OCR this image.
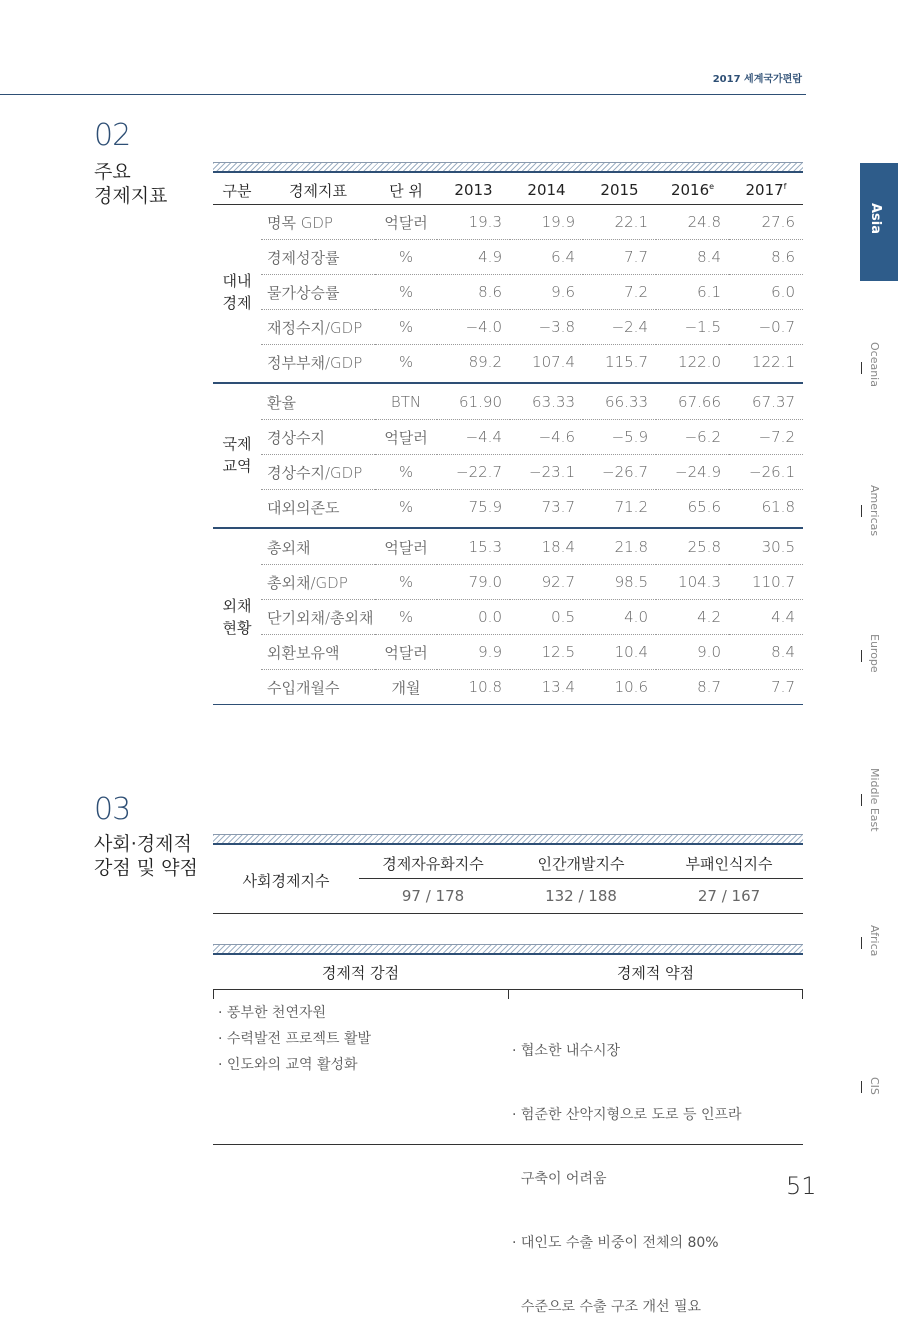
2017 세계국가편람
02
주요
경제지표	구분	경제지표	단 위	2013	2014	2015	2016e	2017$^f$

대내
경제	명목 GDP	억달러	19.3	19.9	22.1	24.8	27.6
	경제성장률	%	4.9	6.4	7.7	8.4	8.6
	물가상승률	%	8.6	9.6	7.2	6.1	6.0
	재정수지/GDP	%	−4.0	−3.8	−2.4	−1.5	−0.7
	정부부채/GDP	%	89.2	107.4	115.7	122.0	122.1

국제
교역	환율	BTN	61.90	63.33	66.33	67.66	67.37
	경상수지	억달러	−4.4	−4.6	−5.9	−6.2	−7.2
	경상수지/GDP	%	−22.7	−23.1	−26.7	−24.9	−26.1
	대외의존도	%	75.9	73.7	71.2	65.6	61.8

외채
현황	총외채	억달러	15.3	18.4	21.8	25.8	30.5
	총외채/GDP	%	79.0	92.7	98.5	104.3	110.7
	단기외채/총외채	%	0.0	0.5	4.0	4.2	4.4
	외환보유액	억달러	9.9	12.5	10.4	9.0	8.4
	수입개월수	개월	10.8	13.4	10.6	8.7	7.7

03
사회·경제적
강점 및 약점
사회경제지수	경제자유화지수	인간개발지수	부패인식지수
	97 / 178	132 / 188	27 / 167
경제적 강점	경제적 약점
· 풍부한 천연자원
· 수력발전 프로젝트 활발
· 인도와의 교역 활성화

· 협소한 내수시장

· 험준한 산악지형으로 도로 등 인프라

구축이 어려움

· 대인도 수출 비중이 전체의 80%

수준으로 수출 구조 개선 필요

Asia
Oceania
Americas
Europe
Middle East
Africa
CIS
51
